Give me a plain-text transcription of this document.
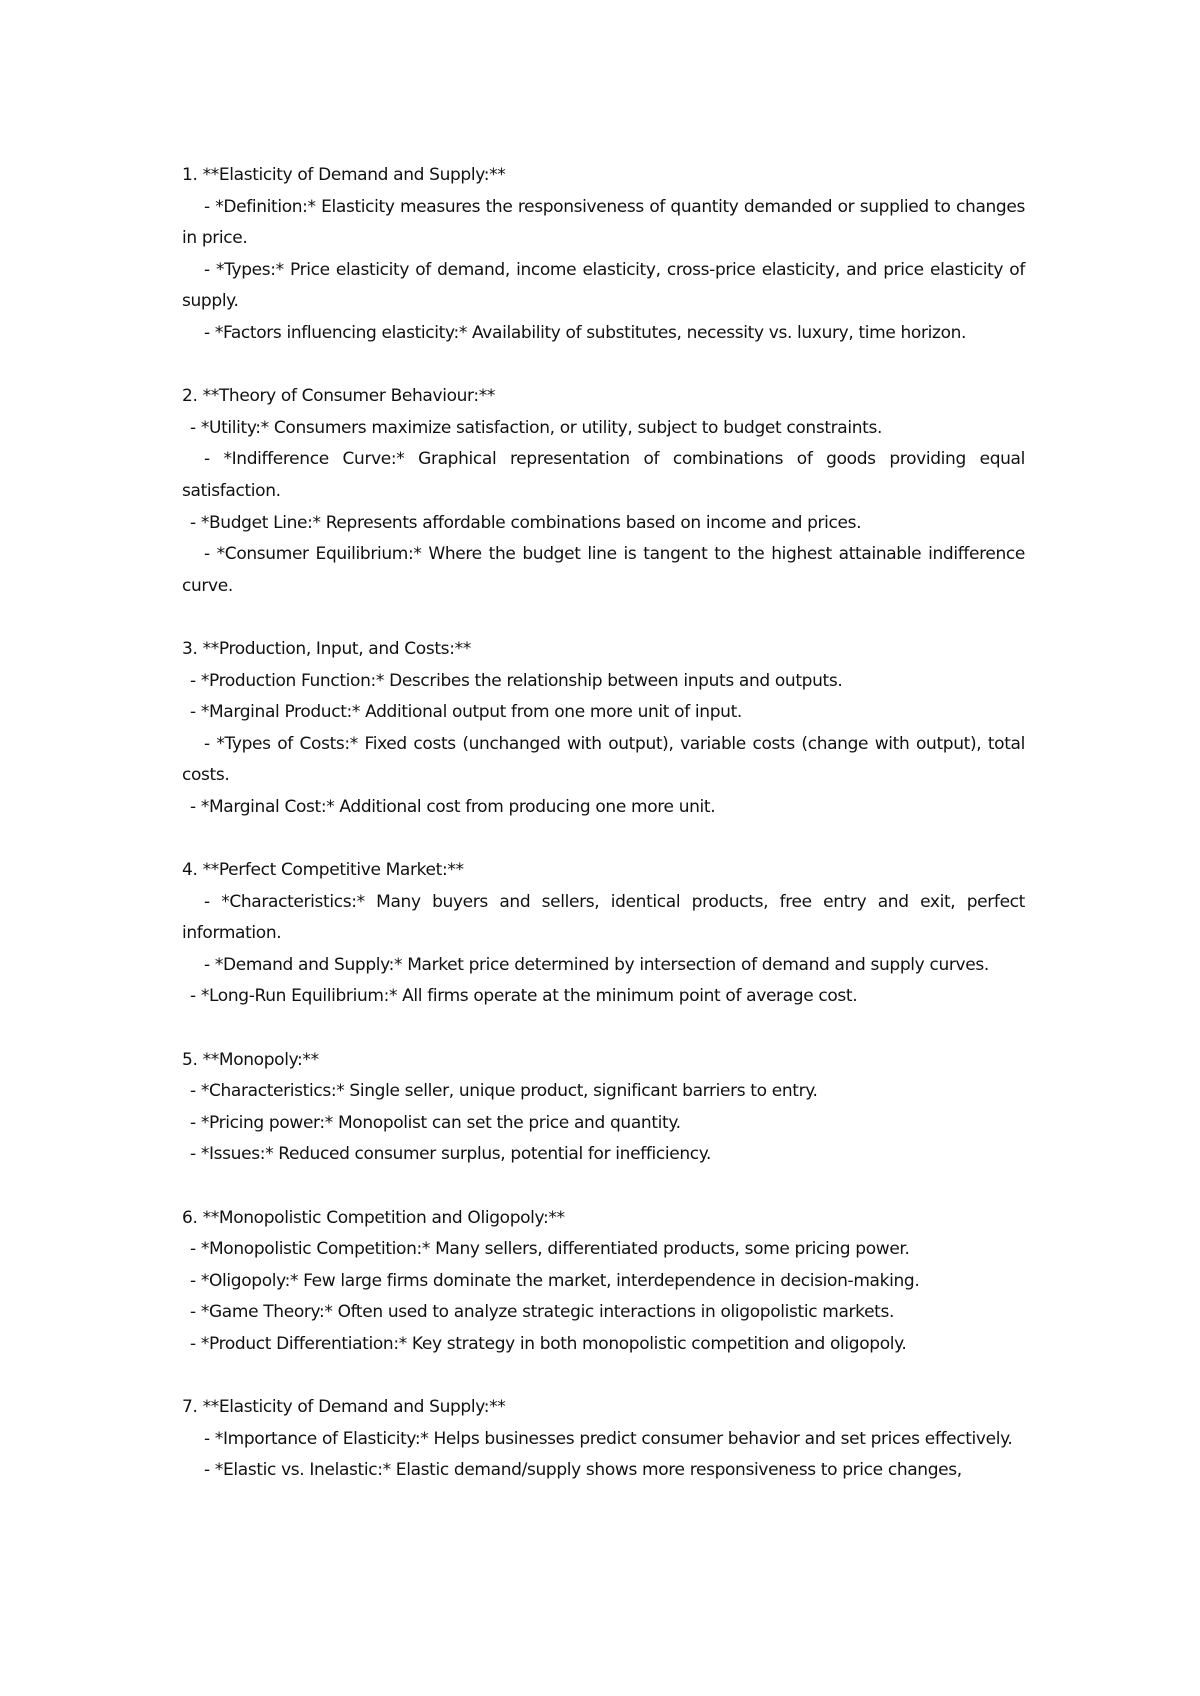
1. **Elasticity of Demand and Supply:**
- *Definition:* Elasticity measures the responsiveness of quantity demanded or supplied to changes in price.
- *Types:* Price elasticity of demand, income elasticity, cross-price elasticity, and price elasticity of supply.
- *Factors influencing elasticity:* Availability of substitutes, necessity vs. luxury, time horizon.
2. **Theory of Consumer Behaviour:**
- *Utility:* Consumers maximize satisfaction, or utility, subject to budget constraints.
- *Indifference Curve:* Graphical representation of combinations of goods providing equal satisfaction.
- *Budget Line:* Represents affordable combinations based on income and prices.
- *Consumer Equilibrium:* Where the budget line is tangent to the highest attainable indifference curve.
3. **Production, Input, and Costs:**
- *Production Function:* Describes the relationship between inputs and outputs.
- *Marginal Product:* Additional output from one more unit of input.
- *Types of Costs:* Fixed costs (unchanged with output), variable costs (change with output), total costs.
- *Marginal Cost:* Additional cost from producing one more unit.
4. **Perfect Competitive Market:**
- *Characteristics:* Many buyers and sellers, identical products, free entry and exit, perfect information.
- *Demand and Supply:* Market price determined by intersection of demand and supply curves.
- *Long-Run Equilibrium:* All firms operate at the minimum point of average cost.
5. **Monopoly:**
- *Characteristics:* Single seller, unique product, significant barriers to entry.
- *Pricing power:* Monopolist can set the price and quantity.
- *Issues:* Reduced consumer surplus, potential for inefficiency.
6. **Monopolistic Competition and Oligopoly:**
- *Monopolistic Competition:* Many sellers, differentiated products, some pricing power.
- *Oligopoly:* Few large firms dominate the market, interdependence in decision-making.
- *Game Theory:* Often used to analyze strategic interactions in oligopolistic markets.
- *Product Differentiation:* Key strategy in both monopolistic competition and oligopoly.
7. **Elasticity of Demand and Supply:**
- *Importance of Elasticity:* Helps businesses predict consumer behavior and set prices effectively.
- *Elastic vs. Inelastic:* Elastic demand/supply shows more responsiveness to price changes,
